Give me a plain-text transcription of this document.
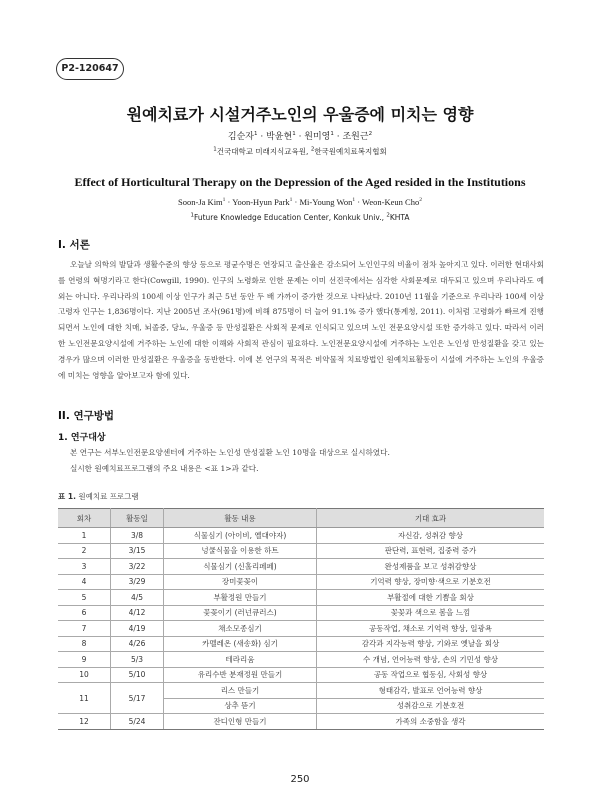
P2-120647
원예치료가 시설거주노인의 우울증에 미치는 영향
김순자$^1$ · 박윤현$^1$ · 원미영$^1$ · 조원근$^2$
$^1$건국대학교 미래지식교육원, $^2$한국원예치료복지협회
Effect of Horticultural Therapy on the Depression of the Aged resided in the Institutions
Soon-Ja Kim$^1$ · Yoon-Hyun Park$^1$ · Mi-Young Won$^1$ · Weon-Keun Cho$^2$
$^1$Future Knowledge Education Center, Konkuk Univ., $^2$KHTA
I. 서론
오늘날 의학의 발달과 생활수준의 향상 등으로 평균수명은 연장되고 출산율은 감소되어 노인인구의 비율이 점차 높아지고 있다. 이러한 현대사회를 연령의 혁명기라고 한다(Cowgill, 1990). 인구의 노령화로 인한 문제는 이미 선진국에서는 심각한 사회문제로 대두되고 있으며 우리나라도 예외는 아니다. 우리나라의 100세 이상 인구가 최근 5년 동안 두 배 가까이 증가한 것으로 나타났다. 2010년 11월을 기준으로 우리나라 100세 이상 고령자 인구는 1,836명이다. 지난 2005년 조사(961명)에 비해 875명이 더 늘어 91.1% 증가 했다(통계청, 2011). 이처럼 고령화가 빠르게 진행되면서 노인에 대한 치매, 뇌졸중, 당뇨, 우울증 등 만성질환은 사회적 문제로 인식되고 있으며 노인 전문요양시설 또한 증가하고 있다. 따라서 이러한 노인전문요양시설에 거주하는 노인에 대한 이해와 사회적 관심이 필요하다. 노인전문요양시설에 거주하는 노인은 노인성 만성질환을 갖고 있는 경우가 많으며 이러한 만성질환은 우울증을 동반한다. 이에 본 연구의 목적은 비약물적 치료방법인 원예치료활동이 시설에 거주하는 노인의 우울증에 미치는 영향을 알아보고자 함에 있다.
II. 연구방법
1. 연구대상
본 연구는 서부노인전문요양센터에 거주하는 노인성 만성질환 노인 10명을 대상으로 실시하였다.
실시한 원예치료프로그램의 주요 내용은 <표 1>과 같다.
표 1. 원예치료 프로그램
회차	활동일	활동 내용	기대 효과
1	3/8	식물심기 (아이비, 옐대야자)	자신감, 성취감 향상
2	3/15	넝쿨식물을 이용한 하트	판단력, 표현력, 집중력 증가
3	3/22	식물심기 (신홀리페페)	완성제품을 보고 성취감향상
4	3/29	장미꽃꽂이	기억력 향상, 장미향·색으로 기분호전
5	4/5	부활정원 만들기	부활절에 대한 기쁨을 회상
6	4/12	꽃꽂이기 (러넌큐러스)	꽃꽃과 색으로 봄을 느낌
7	4/19	채소모종심기	공동작업, 채소로 기억력 향상, 일광욕
8	4/26	카멜레온 (새송화) 심기	감각과 지각능력 향상, 기와로 옛날을 회상
9	5/3	테라리움	수 개념, 언어능력 향상, 손의 기민성 향상
10	5/10	유리수반 분재정원 만들기	공동 작업으로 협동심, 사회성 향상
11	5/17	리스 만들기	형태감각, 발표로 언어능력 향상
		상추 뜯기	성취감으로 기분호전
12	5/24	잔디인형 만들기	가족의 소중함을 생각
250
